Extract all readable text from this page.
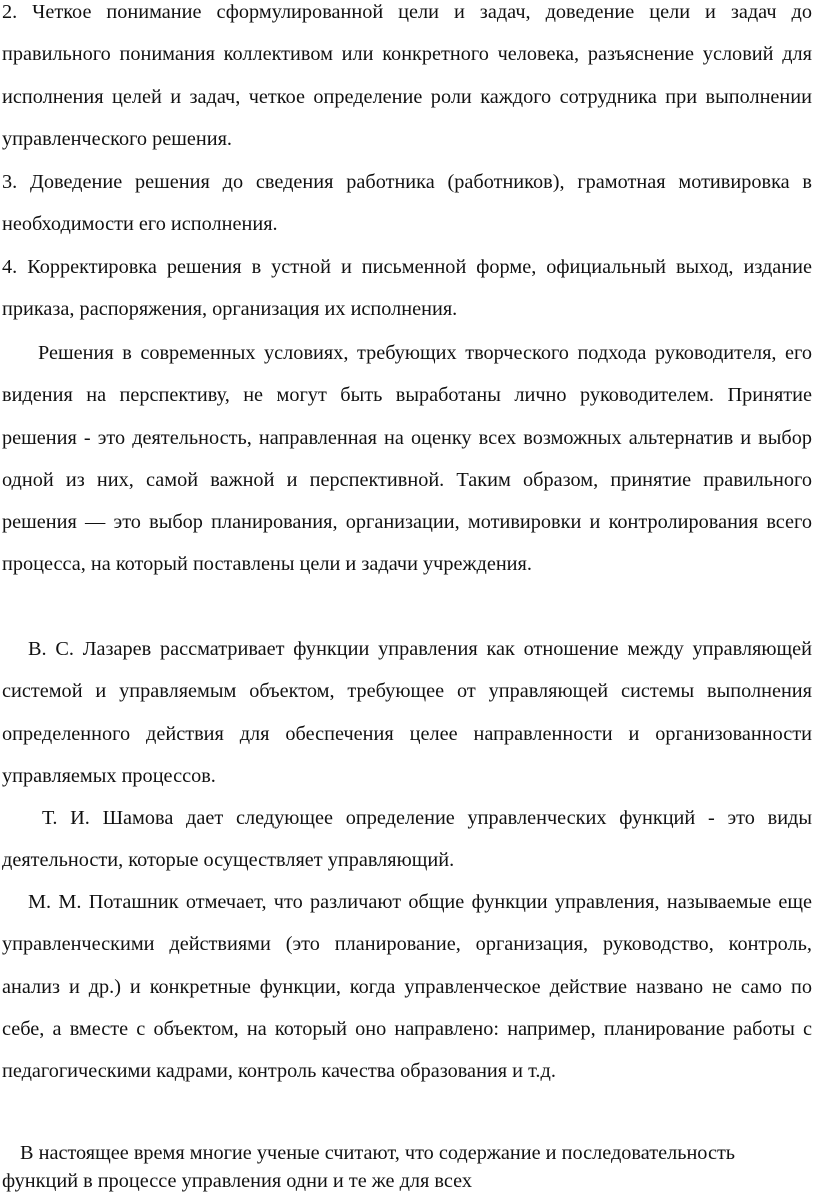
2. Четкое понимание сформулированной цели и задач, доведение цели и задач до правильного понимания коллективом или конкретного человека, разъяснение условий для исполнения целей и задач, четкое определение роли каждого сотрудника при выполнении управленческого решения.

3. Доведение решения до сведения работника (работников), грамотная мотивировка в необходимости его исполнения.

4. Корректировка решения в устной и письменной форме, официальный выход, издание приказа, распоряжения, организация их исполнения.

Решения в современных условиях, требующих творческого подхода руководителя, его видения на перспективу, не могут быть выработаны лично руководителем. Принятие решения - это деятельность, направленная на оценку всех возможных альтернатив и выбор одной из них, самой важной и перспективной. Таким образом, принятие правильного решения — это выбор планирования, организации, мотивировки и контролирования всего процесса, на который поставлены цели и задачи учреждения.

В. С. Лазарев рассматривает функции управления как отношение между управляющей системой и управляемым объектом, требующее от управляющей системы выполнения определенного действия для обеспечения целее направленности и организованности управляемых процессов.

Т. И. Шамова дает следующее определение управленческих функций - это виды деятельности, которые осуществляет управляющий.

М. М. Поташник отмечает, что различают общие функции управления, называемые еще управленческими действиями (это планирование, организация, руководство, контроль, анализ и др.) и конкретные функции, когда управленческое действие названо не само по себе, а вместе с объектом, на который оно направлено: например, планирование работы с педагогическими кадрами, контроль качества образования и т.д.

В настоящее время многие ученые считают, что содержание и последовательность функций в процессе управления одни и те же для всех
